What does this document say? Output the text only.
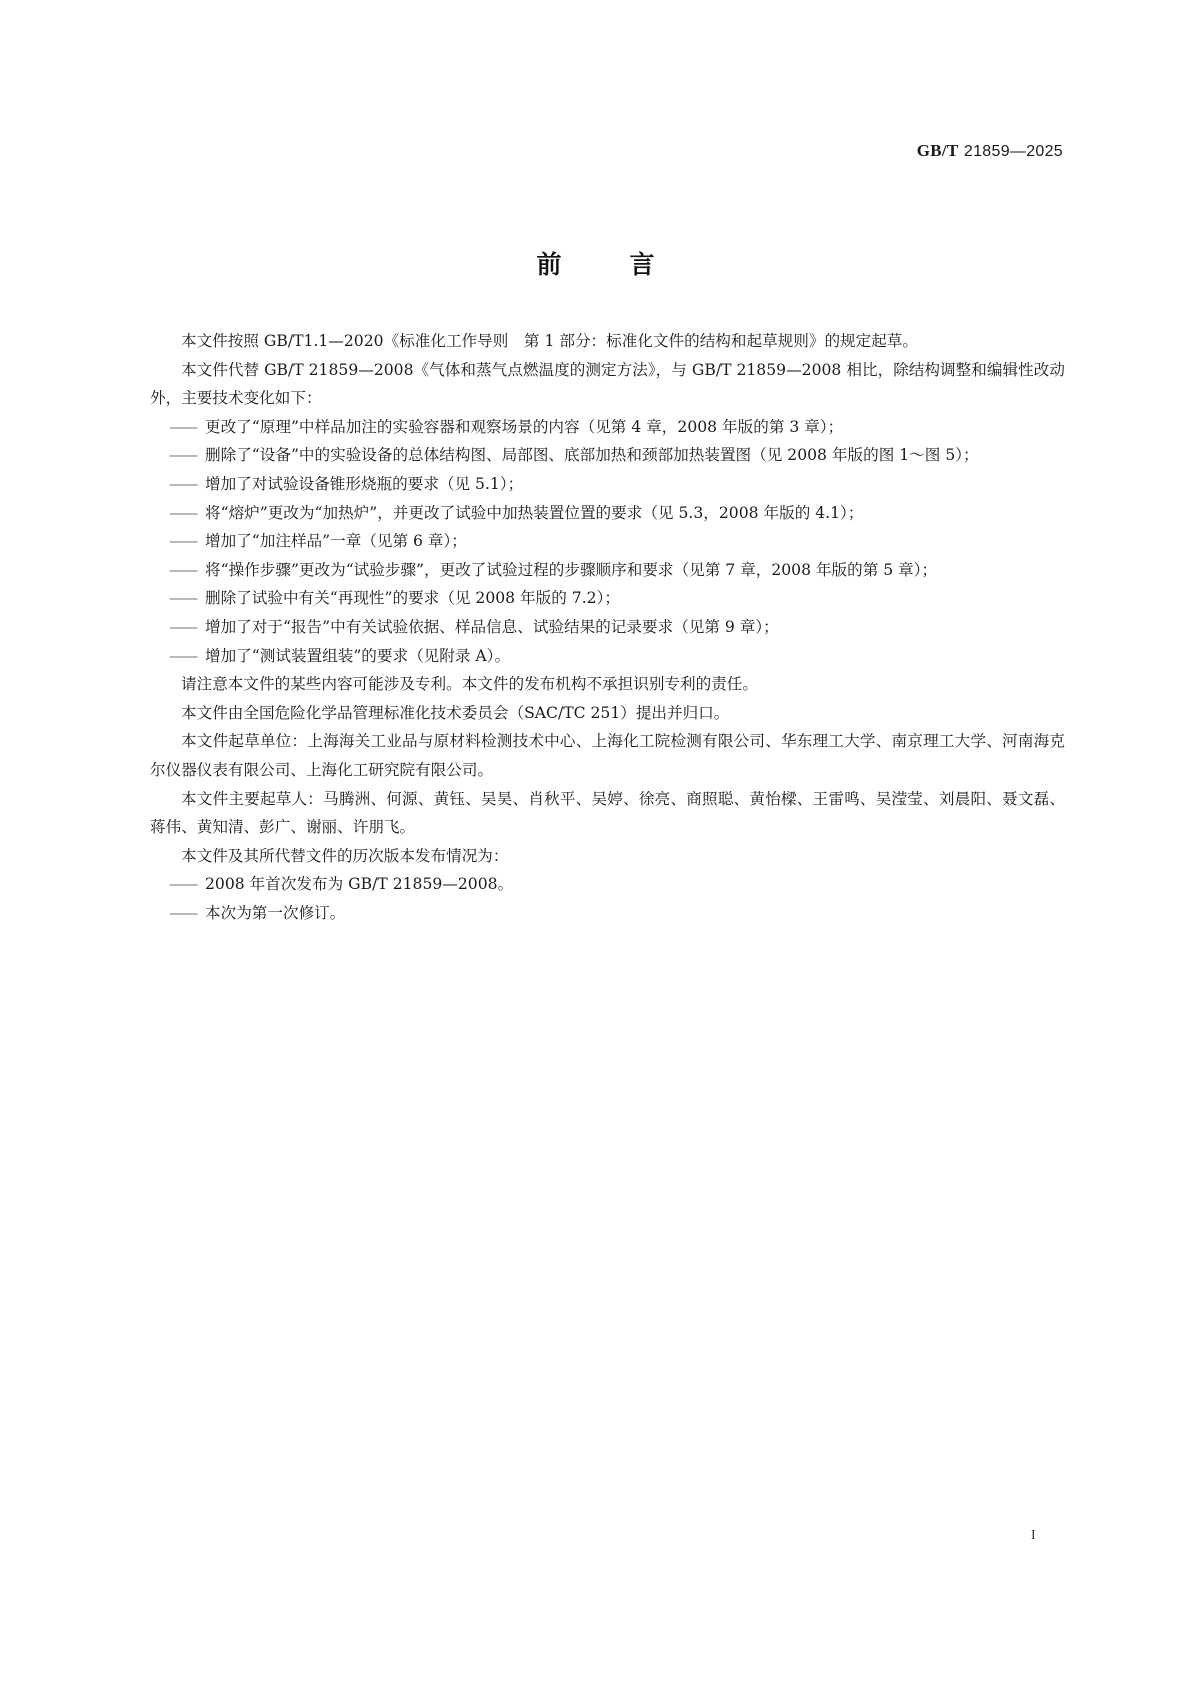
GB/T 21859—2025
前	言

本文件按照 GB/T1.1—2020《标准化工作导则　第 1 部分：标准化文件的结构和起草规则》的规定起草。

本文件代替 GB/T 21859—2008《气体和蒸气点燃温度的测定方法》，与 GB/T 21859—2008 相比，除结构调整和编辑性改动外，主要技术变化如下：

—— 更改了“原理”中样品加注的实验容器和观察场景的内容（见第 4 章，2008 年版的第 3 章）；

—— 删除了“设备”中的实验设备的总体结构图、局部图、底部加热和颈部加热装置图（见 2008 年版的图 1～图 5）；

—— 增加了对试验设备锥形烧瓶的要求（见 5.1）；

—— 将“熔炉”更改为“加热炉”，并更改了试验中加热装置位置的要求（见 5.3，2008 年版的 4.1）；

—— 增加了“加注样品”一章（见第 6 章）；

—— 将“操作步骤”更改为“试验步骤”，更改了试验过程的步骤顺序和要求（见第 7 章，2008 年版的第 5 章）；

—— 删除了试验中有关“再现性”的要求（见 2008 年版的 7.2）；

—— 增加了对于“报告”中有关试验依据、样品信息、试验结果的记录要求（见第 9 章）；

—— 增加了“测试装置组装”的要求（见附录 A）。

请注意本文件的某些内容可能涉及专利。本文件的发布机构不承担识别专利的责任。

本文件由全国危险化学品管理标准化技术委员会（SAC/TC 251）提出并归口。

本文件起草单位：上海海关工业品与原材料检测技术中心、上海化工院检测有限公司、华东理工大学、南京理工大学、河南海克尔仪器仪表有限公司、上海化工研究院有限公司。

本文件主要起草人：马腾洲、何源、黄钰、吴昊、肖秋平、吴婷、徐亮、商照聪、黄怡樑、王雷鸣、吴滢莹、刘晨阳、聂文磊、蒋伟、黄知清、彭广、谢丽、许朋飞。

本文件及其所代替文件的历次版本发布情况为：

—— 2008 年首次发布为 GB/T 21859—2008。

—— 本次为第一次修订。

I
